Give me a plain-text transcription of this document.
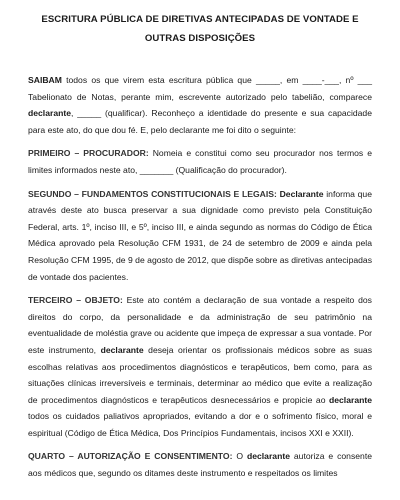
ESCRITURA PÚBLICA DE DIRETIVAS ANTECIPADAS DE VONTADE E OUTRAS DISPOSIÇÕES

SAIBAM todos os que virem esta escritura pública que _____, em ____-___, nº ___ Tabelionato de Notas, perante mim, escrevente autorizado pelo tabelião, comparece declarante, _____ (qualificar). Reconheço a identidade do presente e sua capacidade para este ato, do que dou fé. E, pelo declarante me foi dito o seguinte:

PRIMEIRO – PROCURADOR: Nomeia e constitui como seu procurador nos termos e limites informados neste ato, _______ (Qualificação do procurador).

SEGUNDO – FUNDAMENTOS CONSTITUCIONAIS E LEGAIS: Declarante informa que através deste ato busca preservar a sua dignidade como previsto pela Constituição Federal, arts. 1º, inciso III, e 5º, inciso III, e ainda segundo as normas do Código de Ética Médica aprovado pela Resolução CFM 1931, de 24 de setembro de 2009 e ainda pela Resolução CFM 1995, de 9 de agosto de 2012, que dispõe sobre as diretivas antecipadas de vontade dos pacientes.

TERCEIRO – OBJETO: Este ato contém a declaração de sua vontade a respeito dos direitos do corpo, da personalidade e da administração de seu patrimônio na eventualidade de moléstia grave ou acidente que impeça de expressar a sua vontade. Por este instrumento, declarante deseja orientar os profissionais médicos sobre as suas escolhas relativas aos procedimentos diagnósticos e terapêuticos, bem como, para as situações clínicas irreversíveis e terminais, determinar ao médico que evite a realização de procedimentos diagnósticos e terapêuticos desnecessários e propicie ao declarante todos os cuidados paliativos apropriados, evitando a dor e o sofrimento físico, moral e espiritual (Código de Ética Médica, Dos Princípios Fundamentais, incisos XXI e XXII).

QUARTO – AUTORIZAÇÃO E CONSENTIMENTO: O declarante autoriza e consente aos médicos que, segundo os ditames deste instrumento e respeitados os limites
